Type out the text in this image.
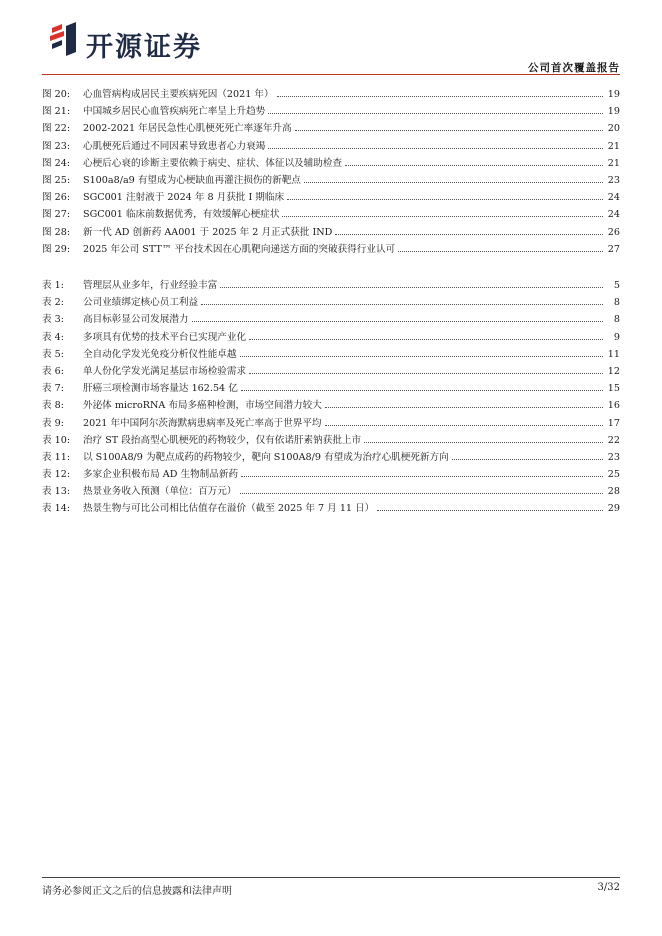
开源证券
公司首次覆盖报告
图 20:	心血管病构成居民主要疾病死因（2021 年）	19
图 21:	中国城乡居民心血管疾病死亡率呈上升趋势	19
图 22:	2002-2021 年居民急性心肌梗死死亡率逐年升高	20
图 23:	心肌梗死后通过不同因素导致患者心力衰竭	21
图 24:	心梗后心衰的诊断主要依赖于病史、症状、体征以及辅助检查	21
图 25:	S100a8/a9 有望成为心梗缺血再灌注损伤的新靶点	23
图 26:	SGC001 注射液于 2024 年 8 月获批 I 期临床	24
图 27:	SGC001 临床前数据优秀，有效缓解心梗症状	24
图 28:	新一代 AD 创新药 AA001 于 2025 年 2 月正式获批 IND	26
图 29:	2025 年公司 STT™ 平台技术因在心肌靶向递送方面的突破获得行业认可	27
表 1:	管理层从业多年，行业经验丰富	5
表 2:	公司业绩绑定核心员工利益	8
表 3:	高目标彰显公司发展潜力	8
表 4:	多项具有优势的技术平台已实现产业化	9
表 5:	全自动化学发光免疫分析仪性能卓越	11
表 6:	单人份化学发光满足基层市场检验需求	12
表 7:	肝癌三项检测市场容量达 162.54 亿	15
表 8:	外泌体 microRNA 布局多癌种检测，市场空间潜力较大	16
表 9:	2021 年中国阿尔茨海默病患病率及死亡率高于世界平均	17
表 10:	治疗 ST 段抬高型心肌梗死的药物较少，仅有依诺肝素钠获批上市	22
表 11:	以 S100A8/9 为靶点成药的药物较少，靶向 S100A8/9 有望成为治疗心肌梗死新方向	23
表 12:	多家企业积极布局 AD 生物制品新药	25
表 13:	热景业务收入预测（单位：百万元）	28
表 14:	热景生物与可比公司相比估值存在溢价（截至 2025 年 7 月 11 日）	29
请务必参阅正文之后的信息披露和法律声明	3/32
